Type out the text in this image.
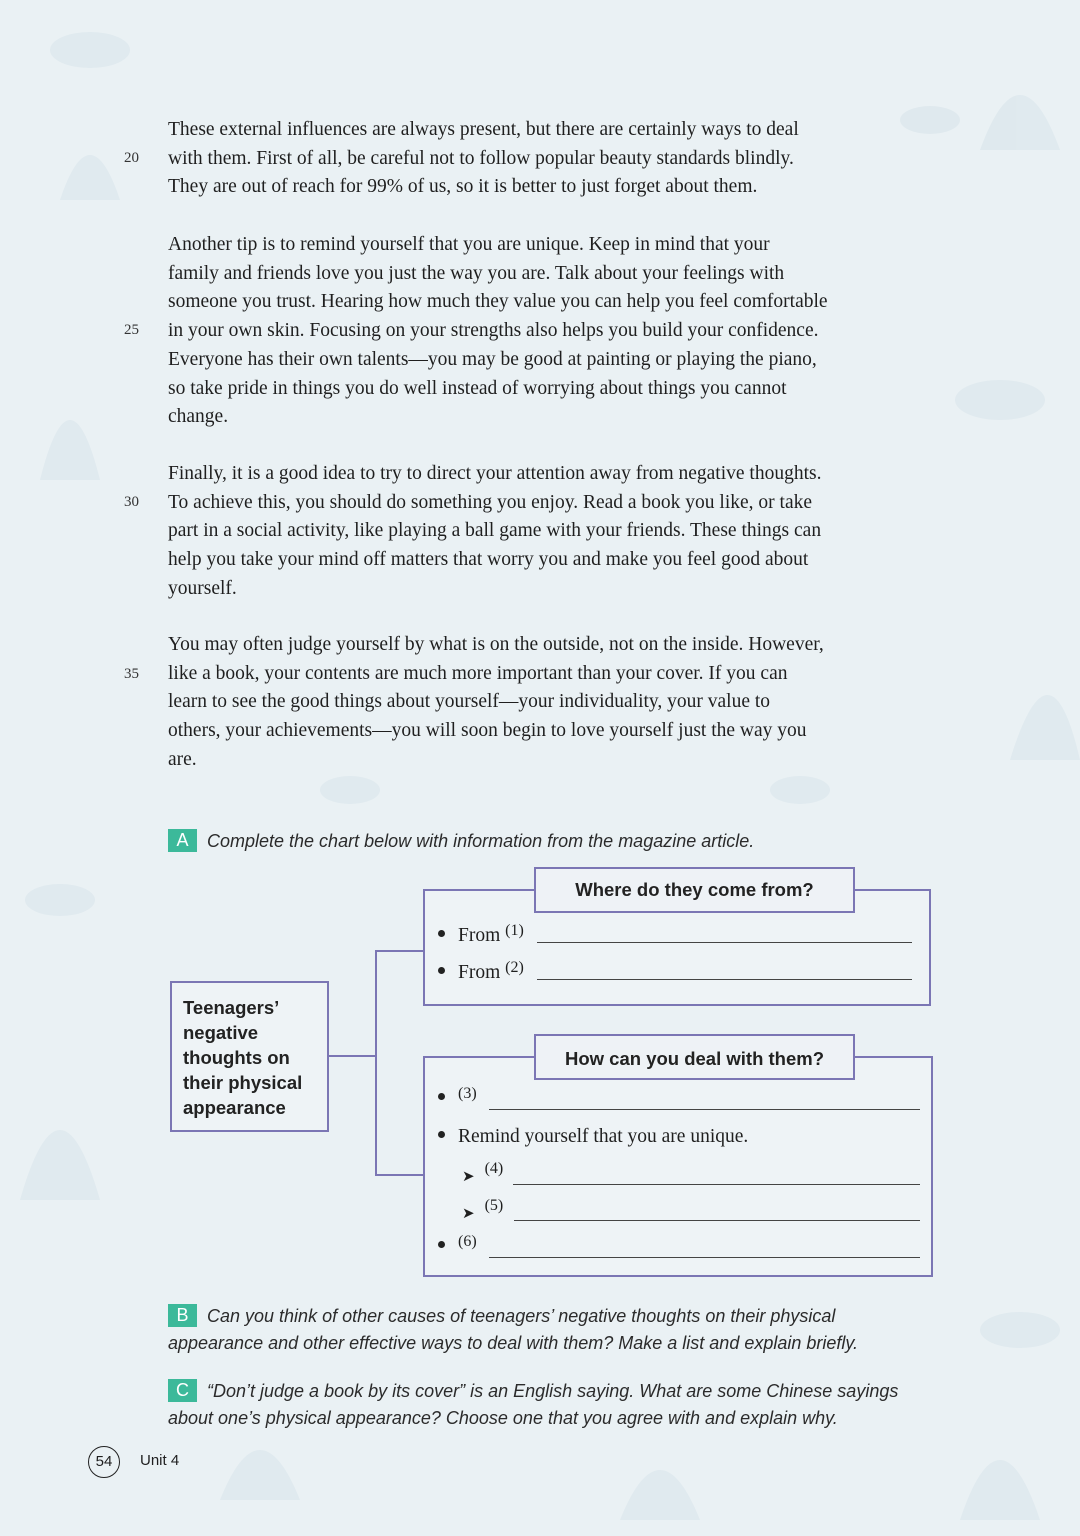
20
25
30
35
These external influences are always present, but there are certainly ways to deal
with them. First of all, be careful not to follow popular beauty standards blindly.
They are out of reach for 99% of us, so it is better to just forget about them.
Another tip is to remind yourself that you are unique. Keep in mind that your
family and friends love you just the way you are. Talk about your feelings with
someone you trust. Hearing how much they value you can help you feel comfortable
in your own skin. Focusing on your strengths also helps you build your confidence.
Everyone has their own talents—you may be good at painting or playing the piano,
so take pride in things you do well instead of worrying about things you cannot
change.
Finally, it is a good idea to try to direct your attention away from negative thoughts.
To achieve this, you should do something you enjoy. Read a book you like, or take
part in a social activity, like playing a ball game with your friends. These things can
help you take your mind off matters that worry you and make you feel good about
yourself.
You may often judge yourself by what is on the outside, not on the inside. However,
like a book, your contents are much more important than your cover. If you can
learn to see the good things about yourself—your individuality, your value to
others, your achievements—you will soon begin to love yourself just the way you
are.
A Complete the chart below with information from the magazine article.
Teenagers’
negative
thoughts on
their physical
appearance
Where do they come from?
From $^{(1)}$
From $^{(2)}$
How can you deal with them?
$^{(3)}$
Remind yourself that you are unique.
➤ $^{(4)}$
➤ $^{(5)}$
$^{(6)}$
B Can you think of other causes of teenagers’ negative thoughts on their physical
appearance and other effective ways to deal with them? Make a list and explain briefly.
C “Don’t judge a book by its cover” is an English saying. What are some Chinese sayings
about one’s physical appearance? Choose one that you agree with and explain why.
54	Unit 4
